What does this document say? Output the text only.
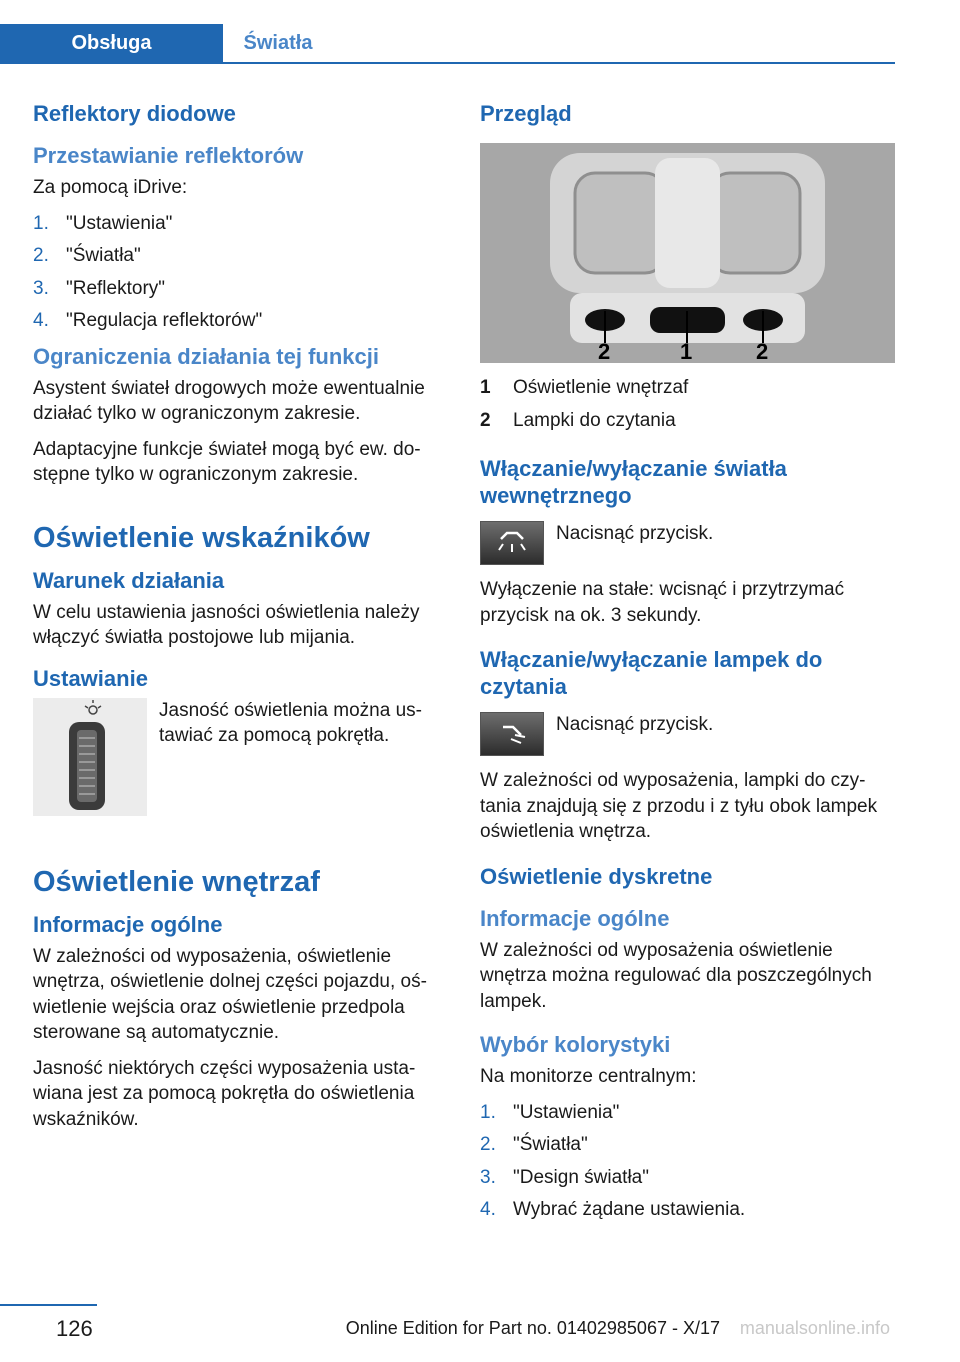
Obsługa	Światła
Reflektory diodowe
Przestawianie reflektorów

Za pomocą iDrive:

1. "Ustawienia"
2. "Światła"
3. "Reflektory"
4. "Regulacja reflektorów"
Ograniczenia działania tej funkcji

Asystent świateł drogowych może ewentualnie działać tylko w ograniczonym zakresie.

Adaptacyjne funkcje świateł mogą być ew. dostępne tylko w ograniczonym zakresie.

Oświetlenie wskaźników
Warunek działania

W celu ustawienia jasności oświetlenia należy włączyć światła postojowe lub mijania.

Ustawianie

Jasność oświetlenia można ustawiać za pomocą pokrętła.

Oświetlenie wnętrzaf
Informacje ogólne

W zależności od wyposażenia, oświetlenie wnętrza, oświetlenie dolnej części pojazdu, oświetlenie wejścia oraz oświetlenie przedpola sterowane są automatycznie.

Jasność niektórych części wyposażenia ustawiana jest za pomocą pokrętła do oświetlenia wskaźników.

Przegląd
2	1	2
1	Oświetlenie wnętrzaf
2	Lampki do czytania
Włączanie/wyłączanie światła wewnętrznego

Nacisnąć przycisk.

Wyłączenie na stałe: wcisnąć i przytrzymać przycisk na ok. 3 sekundy.

Włączanie/wyłączanie lampek do czytania

Nacisnąć przycisk.

W zależności od wyposażenia, lampki do czytania znajdują się z przodu i z tyłu obok lampek oświetlenia wnętrza.

Oświetlenie dyskretne
Informacje ogólne

W zależności od wyposażenia oświetlenie wnętrza można regulować dla poszczególnych lampek.

Wybór kolorystyki

Na monitorze centralnym:

1. "Ustawienia"
2. "Światła"
3. "Design światła"
4. Wybrać żądane ustawienia.
126	Online Edition for Part no. 01402985067 - X/17 manualsonline.info
